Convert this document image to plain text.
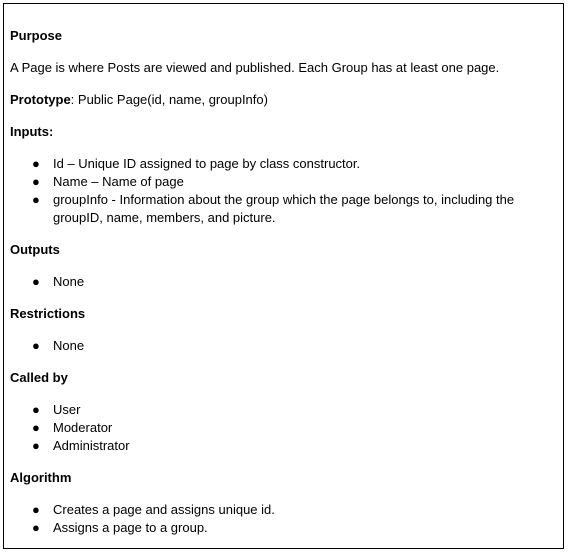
Purpose
A Page is where Posts are viewed and published. Each Group has at least one page.
Prototype: Public Page(id, name, groupInfo)
Inputs:
● Id – Unique ID assigned to page by class constructor.
● Name – Name of page
● groupInfo - Information about the group which the page belongs to, including the groupID, name, members, and picture.
Outputs
● None
Restrictions
● None
Called by
● User
● Moderator
● Administrator
Algorithm
● Creates a page and assigns unique id.
● Assigns a page to a group.
